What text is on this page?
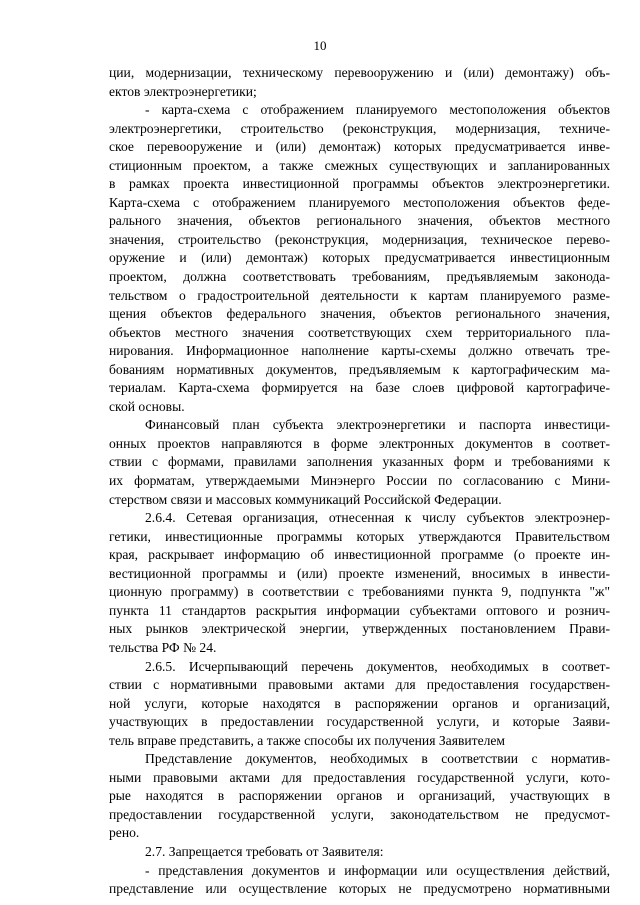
10
ции, модернизации, техническому перевооружению и (или) демонтажу) объ-
ектов электроэнергетики;
- карта-схема с отображением планируемого местоположения объектов
электроэнергетики, строительство (реконструкция, модернизация, техниче-
ское перевооружение и (или) демонтаж) которых предусматривается инве-
стиционным проектом, а также смежных существующих и запланированных
в рамках проекта инвестиционной программы объектов электроэнергетики.
Карта-схема с отображением планируемого местоположения объектов феде-
рального значения, объектов регионального значения, объектов местного
значения, строительство (реконструкция, модернизация, техническое перево-
оружение и (или) демонтаж) которых предусматривается инвестиционным
проектом, должна соответствовать требованиям, предъявляемым законода-
тельством о градостроительной деятельности к картам планируемого разме-
щения объектов федерального значения, объектов регионального значения,
объектов местного значения соответствующих схем территориального пла-
нирования. Информационное наполнение карты-схемы должно отвечать тре-
бованиям нормативных документов, предъявляемым к картографическим ма-
териалам. Карта-схема формируется на базе слоев цифровой картографиче-
ской основы.
Финансовый план субъекта электроэнергетики и паспорта инвестици-
онных проектов направляются в форме электронных документов в соответ-
ствии с формами, правилами заполнения указанных форм и требованиями к
их форматам, утверждаемыми Минэнерго России по согласованию с Мини-
стерством связи и массовых коммуникаций Российской Федерации.
2.6.4. Сетевая организация, отнесенная к числу субъектов электроэнер-
гетики, инвестиционные программы которых утверждаются Правительством
края, раскрывает информацию об инвестиционной программе (о проекте ин-
вестиционной программы и (или) проекте изменений, вносимых в инвести-
ционную программу) в соответствии с требованиями пункта 9, подпункта "ж"
пункта 11 стандартов раскрытия информации субъектами оптового и рознич-
ных рынков электрической энергии, утвержденных постановлением Прави-
тельства РФ № 24.
2.6.5. Исчерпывающий перечень документов, необходимых в соответ-
ствии с нормативными правовыми актами для предоставления государствен-
ной услуги, которые находятся в распоряжении органов и организаций,
участвующих в предоставлении государственной услуги, и которые Заяви-
тель вправе представить, а также способы их получения Заявителем
Представление документов, необходимых в соответствии с норматив-
ными правовыми актами для предоставления государственной услуги, кото-
рые находятся в распоряжении органов и организаций, участвующих в
предоставлении государственной услуги, законодательством не предусмот-
рено.
2.7. Запрещается требовать от Заявителя:
- представления документов и информации или осуществления действий,
представление или осуществление которых не предусмотрено нормативными
